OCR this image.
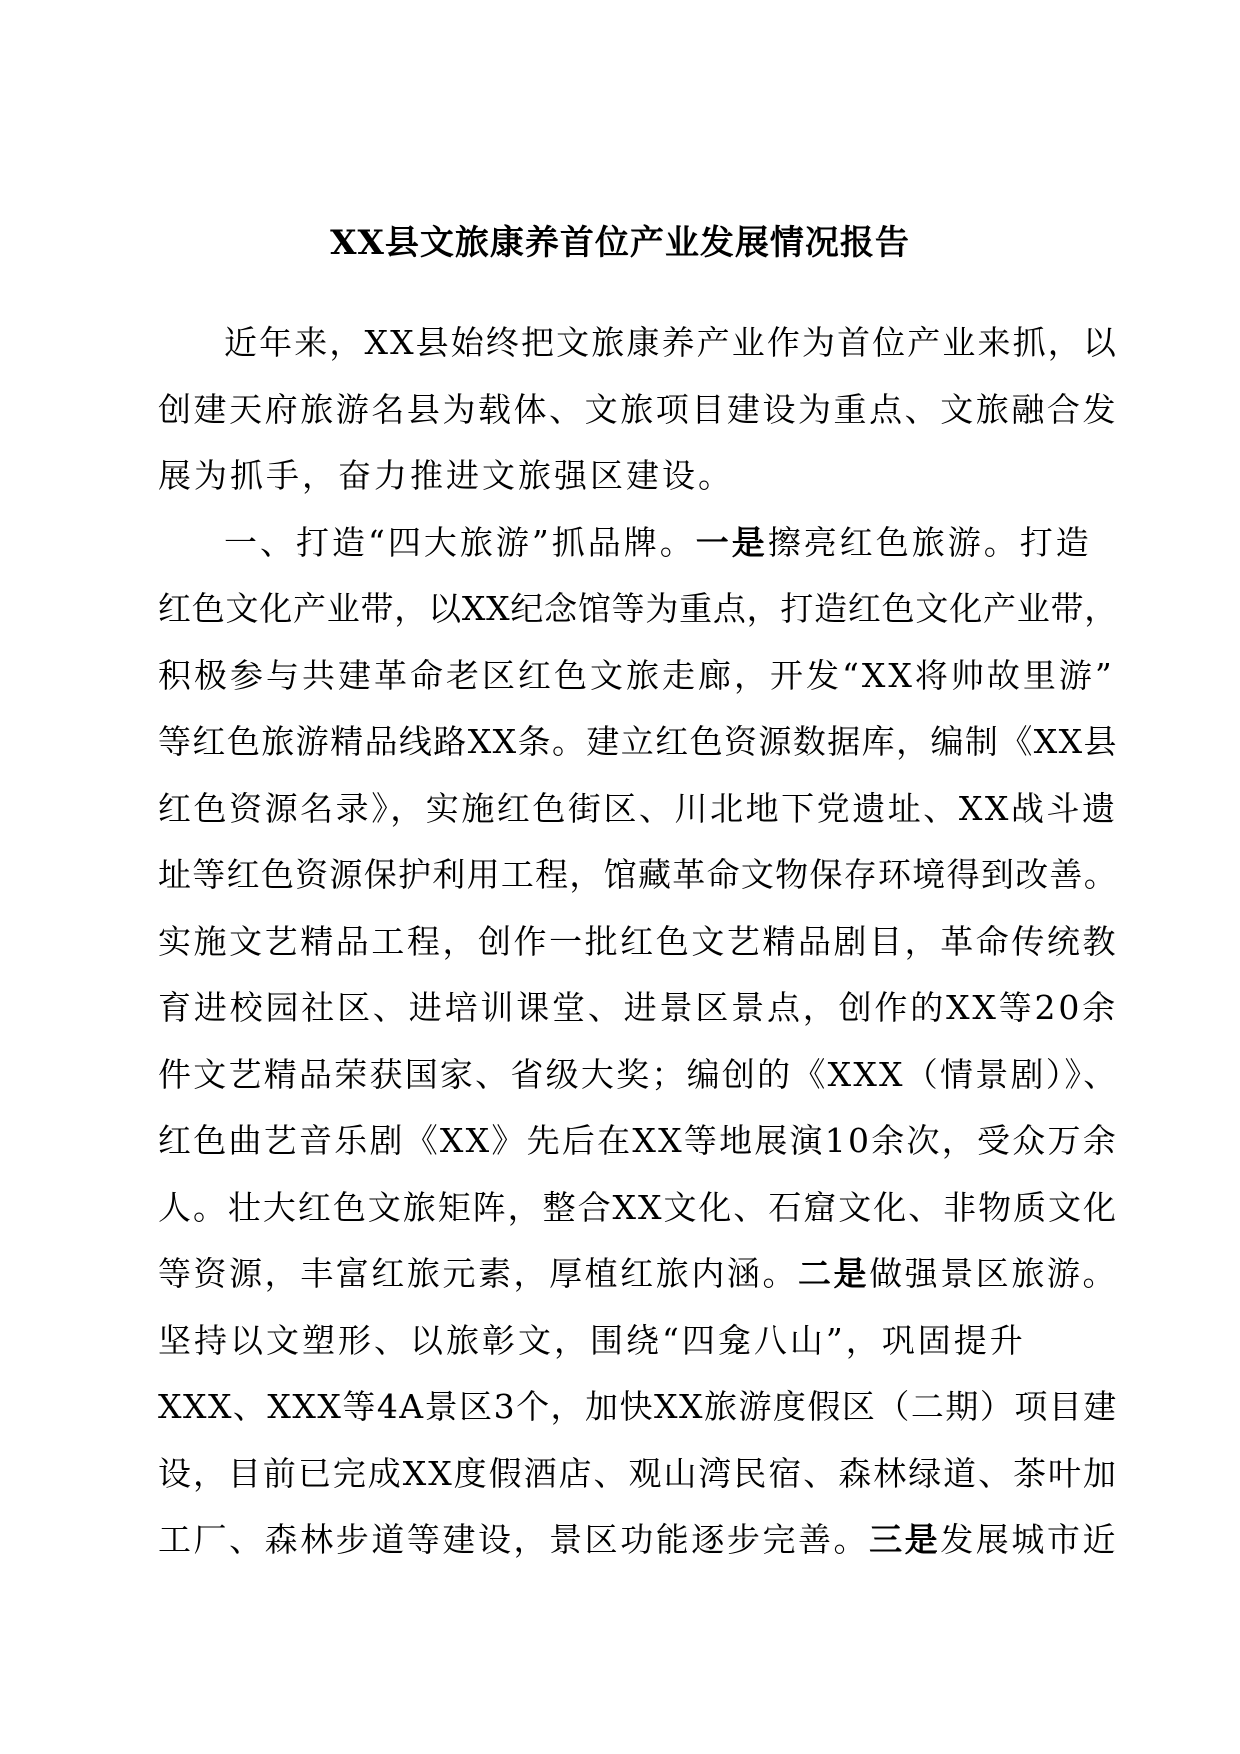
XX县文旅康养首位产业发展情况报告
近年来，XX县始终把文旅康养产业作为首位产业来抓，以
创建天府旅游名县为载体、文旅项目建设为重点、文旅融合发
展为抓手，奋力推进文旅强区建设。
一、打造“四大旅游”抓品牌。一是擦亮红色旅游。打造
红色文化产业带，以XX纪念馆等为重点，打造红色文化产业带，
积极参与共建革命老区红色文旅走廊，开发“XX将帅故里游”
等红色旅游精品线路XX条。建立红色资源数据库，编制《XX县
红色资源名录》，实施红色街区、川北地下党遗址、XX战斗遗
址等红色资源保护利用工程，馆藏革命文物保存环境得到改善。
实施文艺精品工程，创作一批红色文艺精品剧目，革命传统教
育进校园社区、进培训课堂、进景区景点，创作的XX等20余
件文艺精品荣获国家、省级大奖；编创的《XXX（情景剧）》、
红色曲艺音乐剧《XX》先后在XX等地展演10余次，受众万余
人。壮大红色文旅矩阵，整合XX文化、石窟文化、非物质文化
等资源，丰富红旅元素，厚植红旅内涵。二是做强景区旅游。
坚持以文塑形、以旅彰文，围绕“四龛八山”，巩固提升
XXX、XXX等4A景区3个，加快XX旅游度假区（二期）项目建
设，目前已完成XX度假酒店、观山湾民宿、森林绿道、茶叶加
工厂、森林步道等建设，景区功能逐步完善。三是发展城市近
